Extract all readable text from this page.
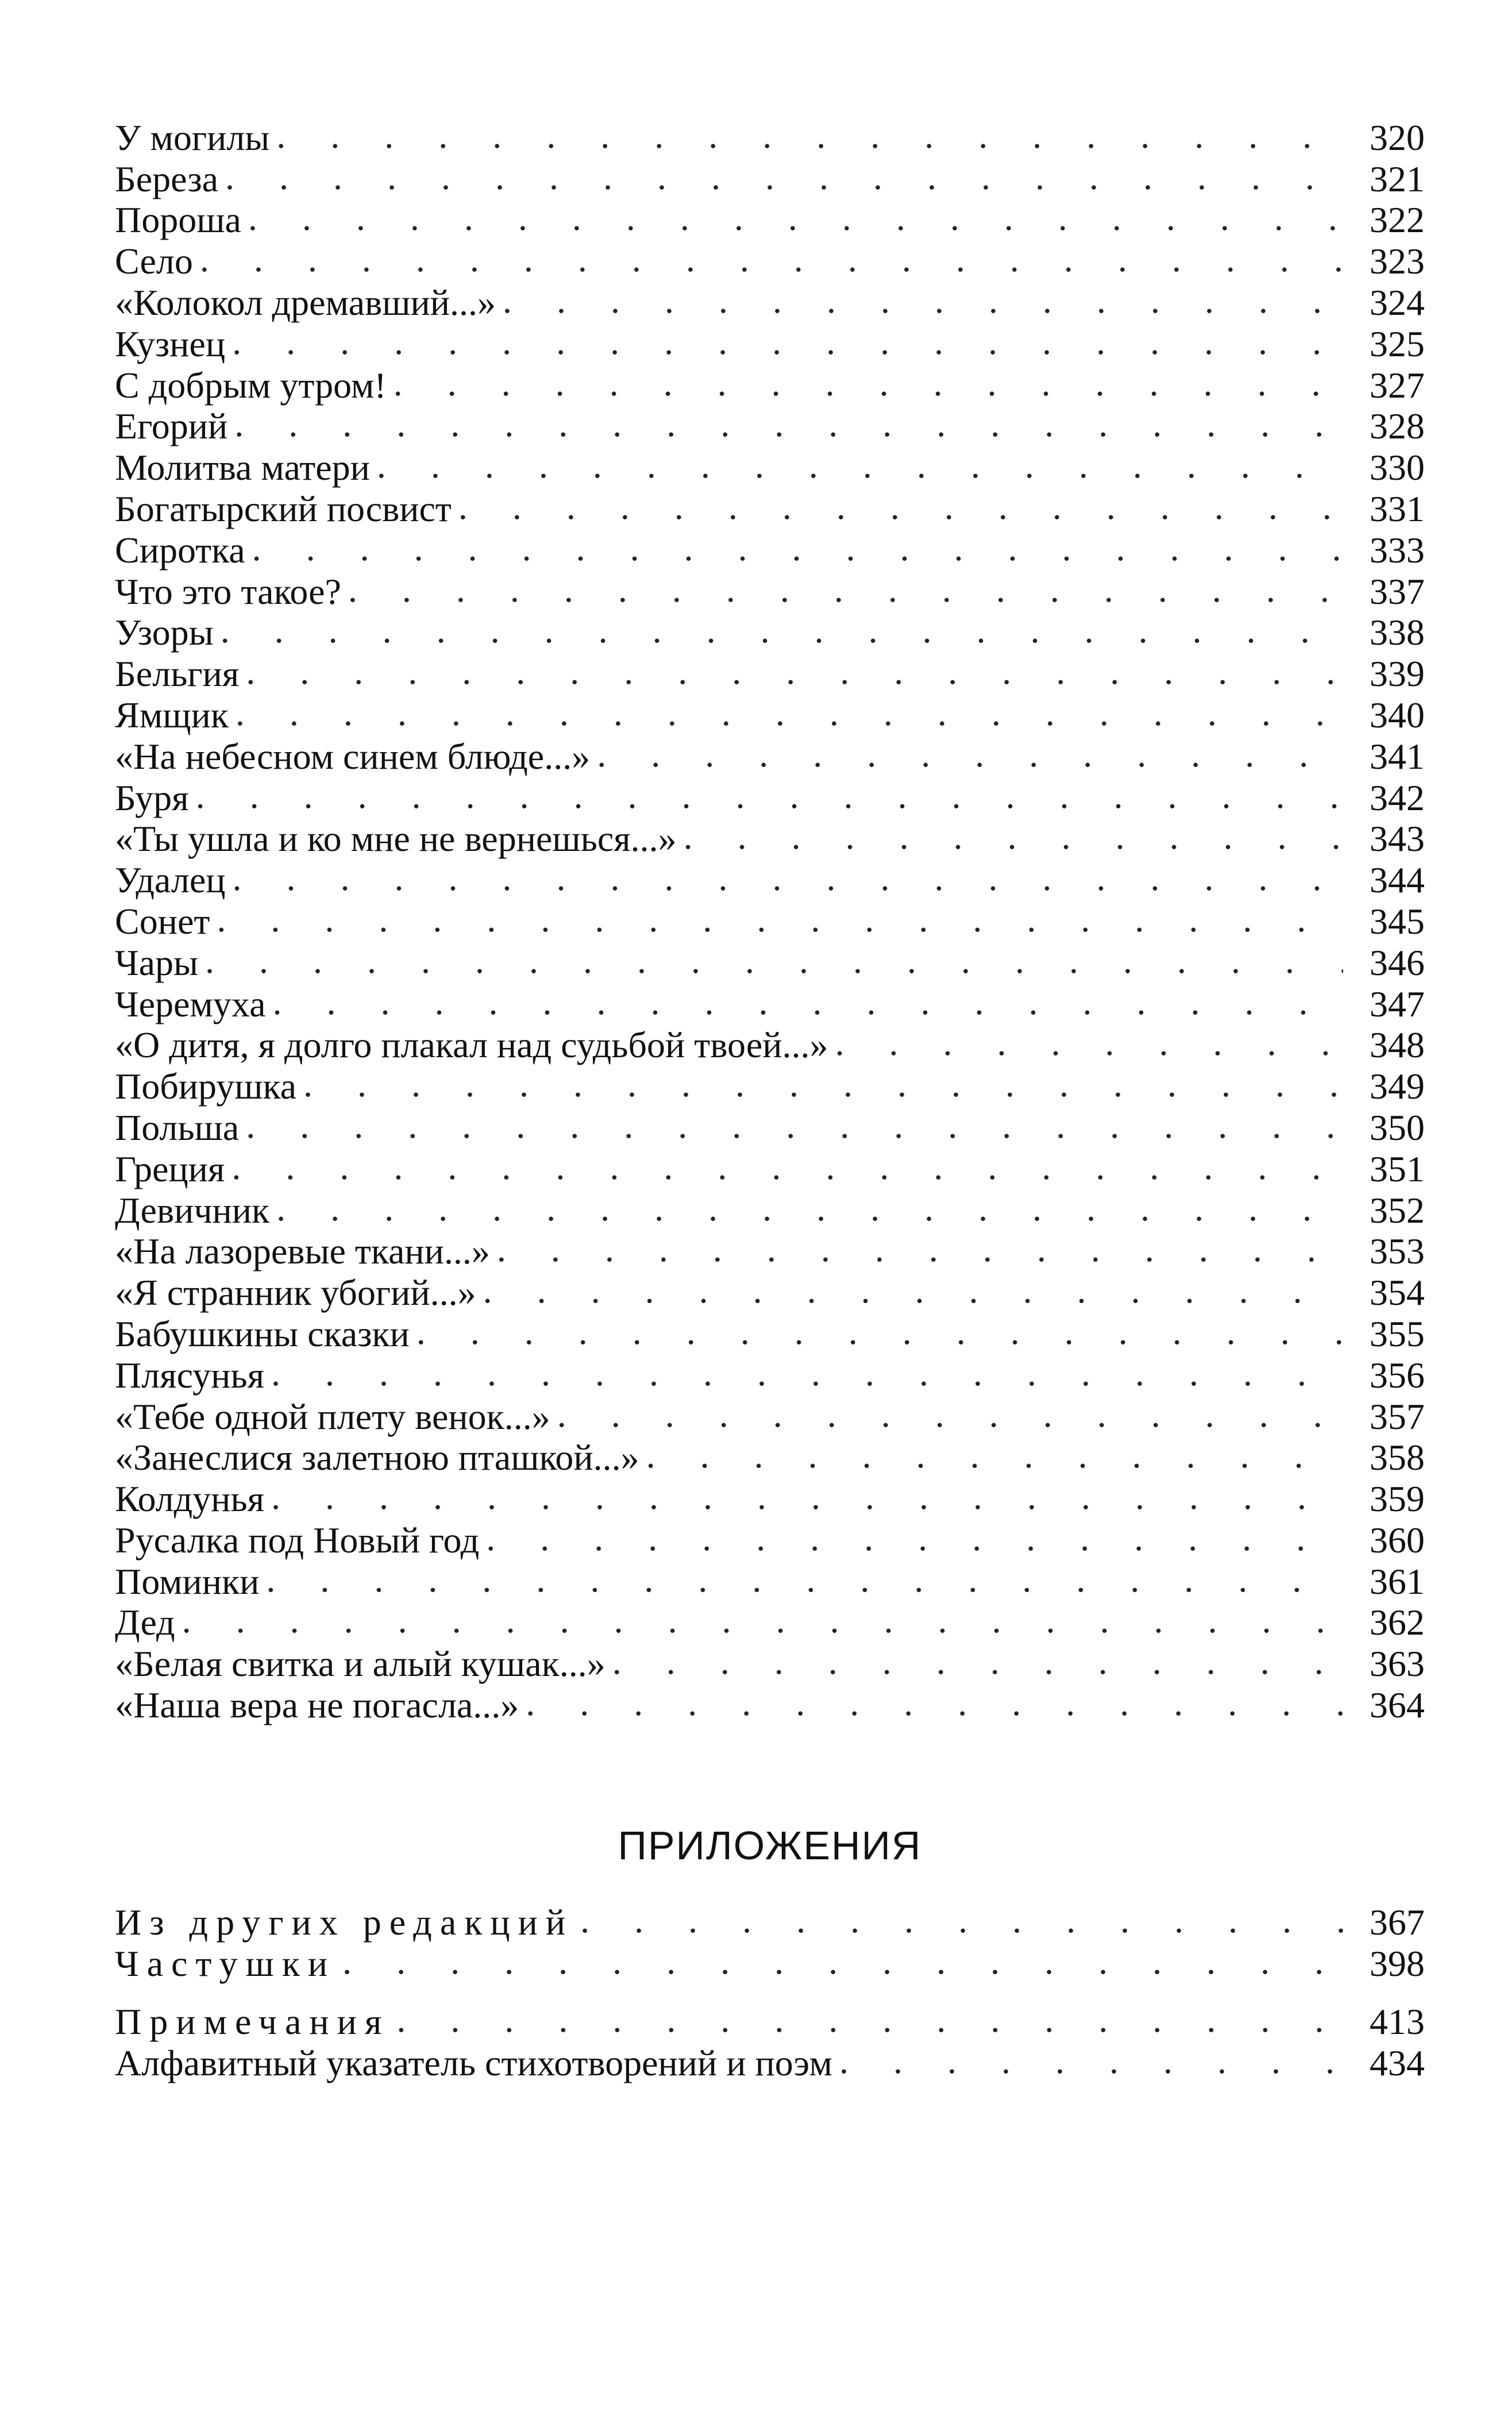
У могилы . . .	320
Береза . . .	321
Пороша . . .	322
Село . . .	323
«Колокол дремавший...» . . .	324
Кузнец . . .	325
С добрым утром! . . .	327
Егорий . . .	328
Молитва матери . . .	330
Богатырский посвист . . .	331
Сиротка . . .	333
Что это такое? . . .	337
Узоры . . .	338
Бельгия . . .	339
Ямщик . . .	340
«На небесном синем блюде...» . . .	341
Буря . . .	342
«Ты ушла и ко мне не вернешься...» . . .	343
Удалец . . .	344
Сонет . . .	345
Чары . . .	346
Черемуха . . .	347
«О дитя, я долго плакал над судьбой твоей...» . . .	348
Побирушка . . .	349
Польша . . .	350
Греция . . .	351
Девичник . . .	352
«На лазоревые ткани...» . . .	353
«Я странник убогий...» . . .	354
Бабушкины сказки . . .	355
Плясунья . . .	356
«Тебе одной плету венок...» . . .	357
«Занеслися залетною пташкой...» . . .	358
Колдунья . . .	359
Русалка под Новый год . . .	360
Поминки . . .	361
Дед . . .	362
«Белая свитка и алый кушак...» . . .	363
«Наша вера не погасла...» . . .	364
ПРИЛОЖЕНИЯ
Из других редакций . . .	367
Частушки . . .	398
Примечания . . .	413
Алфавитный указатель стихотворений и поэм . . .	434
